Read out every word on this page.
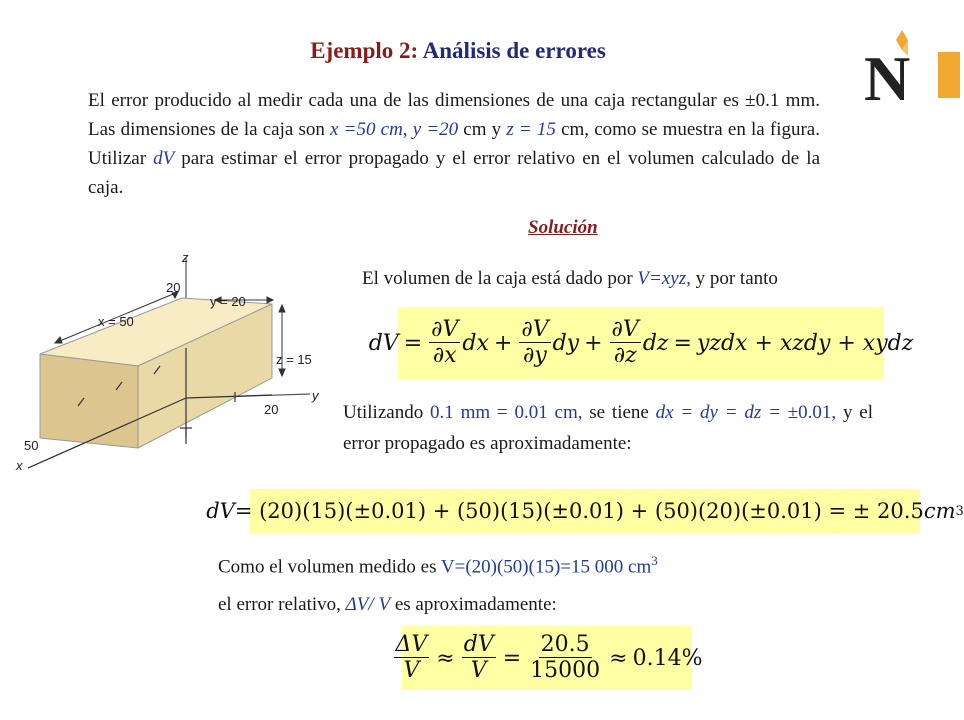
Ejemplo 2: Análisis de errores	N
El error producido al medir cada una de las dimensiones de una caja rectangular es ±0.1 mm. Las dimensiones de la caja son x =50 cm, y =20 cm y z = 15 cm, como se muestra en la figura. Utilizar dV para estimar el error propagado y el error relativo en el volumen calculado de la caja.
Solución
z
y
x
20
y = 20
x = 50
z = 15
20
50
El volumen de la caja está dado por V=xyz, y por tanto
dV = $\frac{\partial V}{\partial x}$ dx + $\frac{\partial V}{\partial y}$ dy + $\frac{\partial V}{\partial z}$ dz = yzdx + xzdy + xydz
Utilizando 0.1 mm = 0.01 cm, se tiene dx = dy = dz = ±0.01, y el error propagado es aproximadamente:
dV = (20)(15)(±0.01) + (50)(15)(±0.01) + (50)(20)(±0.01) = ± 20.5 cm 3
Como el volumen medido es V=(20)(50)(15)=15 000 $cm^3$
el error relativo, ΔV/ V es aproximadamente:
$\frac{\Delta V}{V} \approx \frac{dV}{V} = \frac{20.5}{15000} \approx 0.14\%$
